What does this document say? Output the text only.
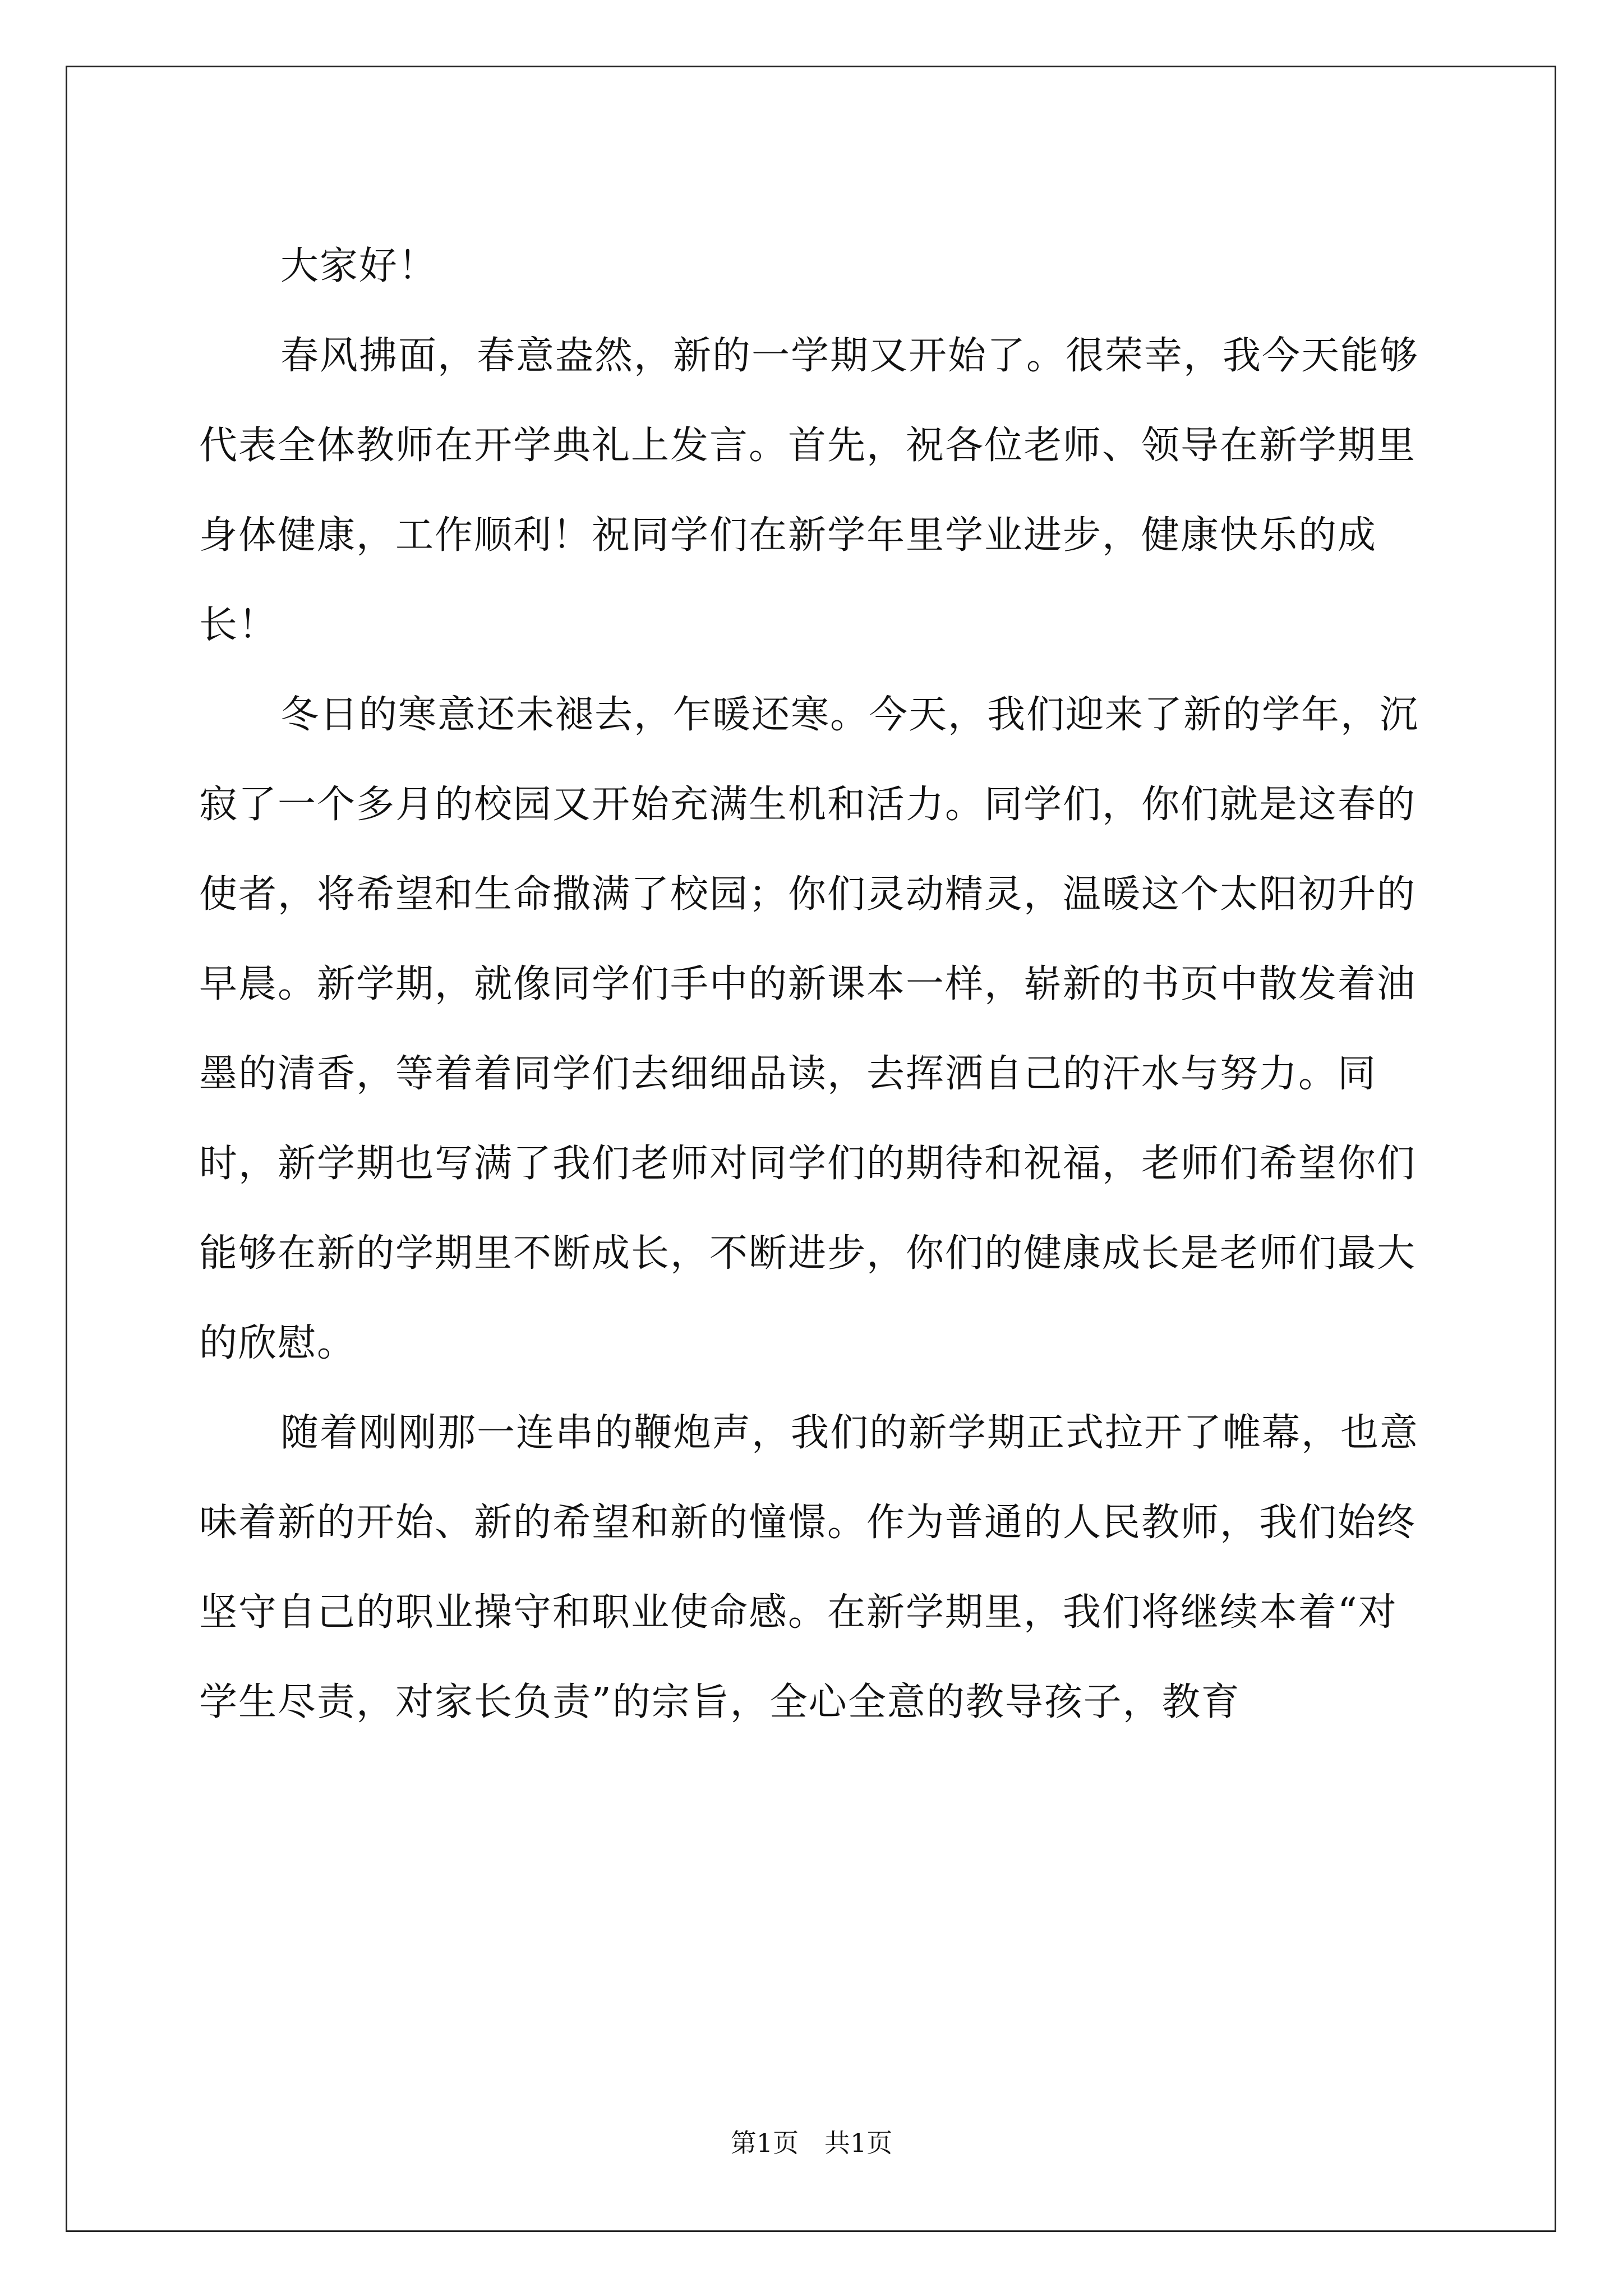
大家好！

春风拂面，春意盎然，新的一学期又开始了。很荣幸，我今天能够代表全体教师在开学典礼上发言。首先，祝各位老师、领导在新学期里身体健康，工作顺利！祝同学们在新学年里学业进步，健康快乐的成长！

冬日的寒意还未褪去，乍暖还寒。今天，我们迎来了新的学年，沉寂了一个多月的校园又开始充满生机和活力。同学们，你们就是这春的使者，将希望和生命撒满了校园；你们灵动精灵，温暖这个太阳初升的早晨。新学期，就像同学们手中的新课本一样，崭新的书页中散发着油墨的清香，等着着同学们去细细品读，去挥洒自己的汗水与努力。同时，新学期也写满了我们老师对同学们的期待和祝福，老师们希望你们能够在新的学期里不断成长，不断进步，你们的健康成长是老师们最大的欣慰。

随着刚刚那一连串的鞭炮声，我们的新学期正式拉开了帷幕，也意味着新的开始、新的希望和新的憧憬。作为普通的人民教师，我们始终坚守自己的职业操守和职业使命感。在新学期里，我们将继续本着“对学生尽责，对家长负责”的宗旨，全心全意的教导孩子，教育

第1页　共1页
